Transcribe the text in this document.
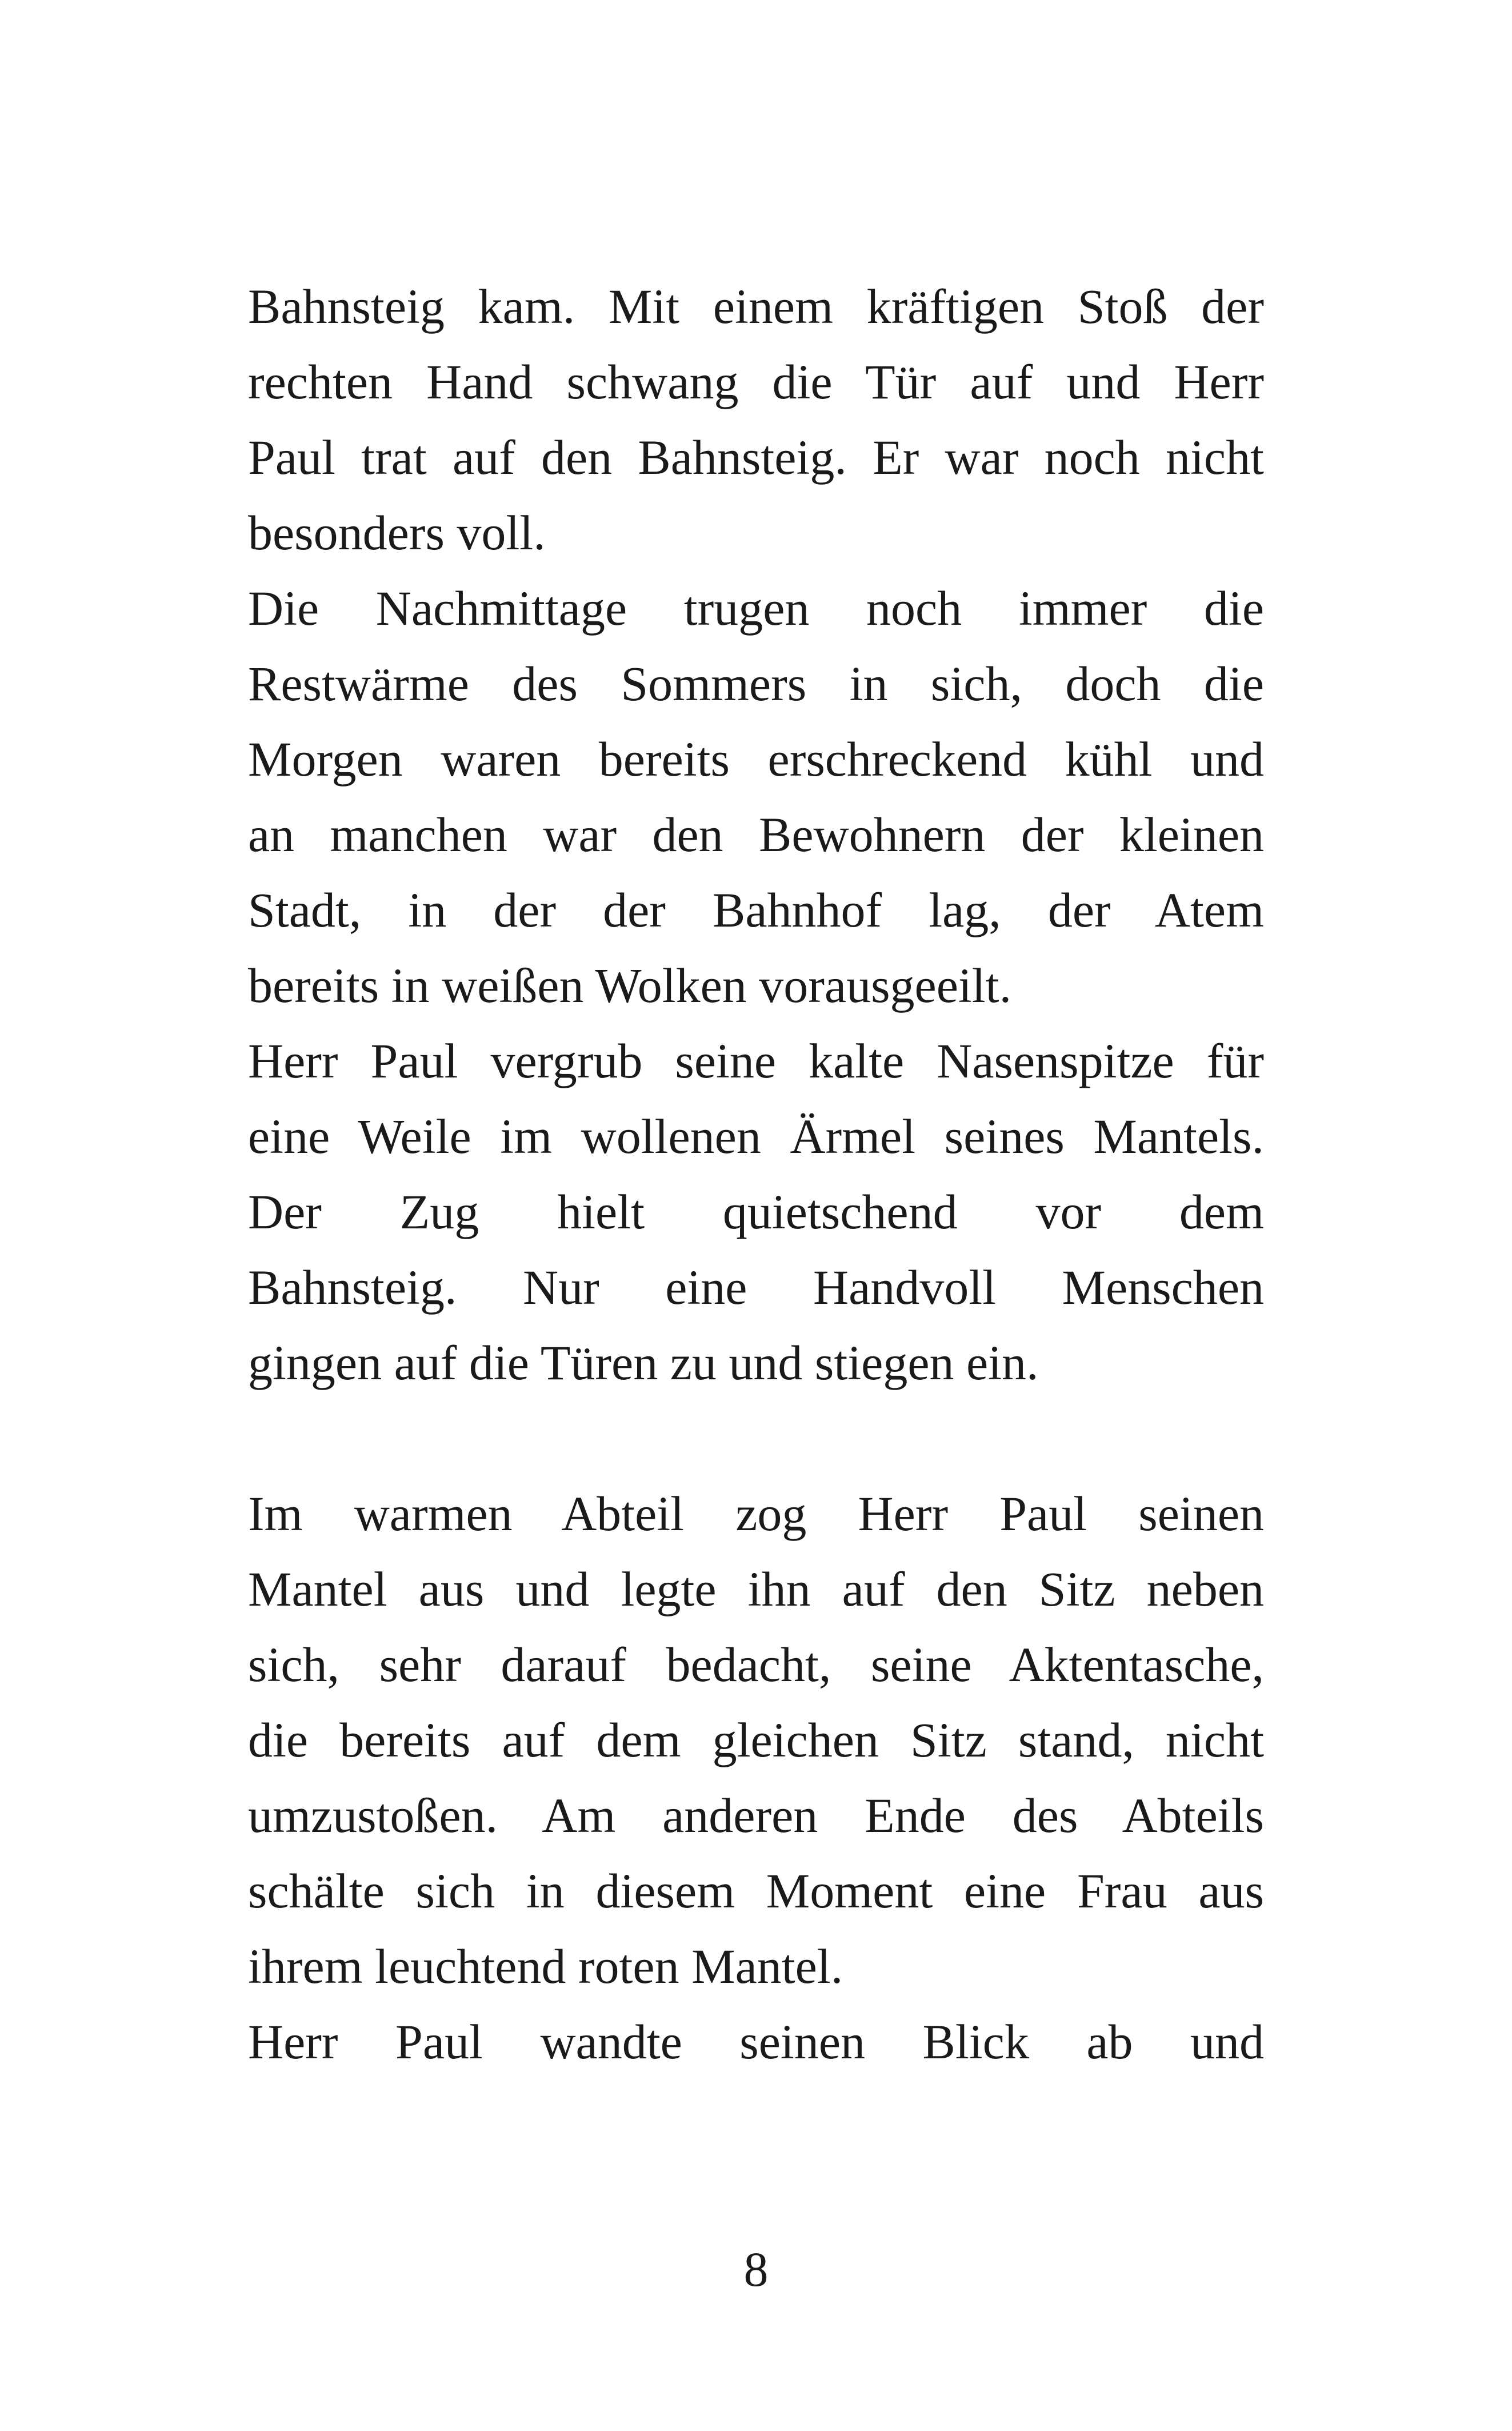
Bahnsteig kam. Mit einem kräftigen Stoß der
rechten Hand schwang die Tür auf und Herr
Paul trat auf den Bahnsteig. Er war noch nicht
besonders voll.
Die Nachmittage trugen noch immer die
Restwärme des Sommers in sich, doch die
Morgen waren bereits erschreckend kühl und
an manchen war den Bewohnern der kleinen
Stadt, in der der Bahnhof lag, der Atem
bereits in weißen Wolken vorausgeeilt.
Herr Paul vergrub seine kalte Nasenspitze für
eine Weile im wollenen Ärmel seines Mantels.
Der Zug hielt quietschend vor dem
Bahnsteig. Nur eine Handvoll Menschen
gingen auf die Türen zu und stiegen ein.
Im warmen Abteil zog Herr Paul seinen
Mantel aus und legte ihn auf den Sitz neben
sich, sehr darauf bedacht, seine Aktentasche,
die bereits auf dem gleichen Sitz stand, nicht
umzustoßen. Am anderen Ende des Abteils
schälte sich in diesem Moment eine Frau aus
ihrem leuchtend roten Mantel.
Herr Paul wandte seinen Blick ab und
8
